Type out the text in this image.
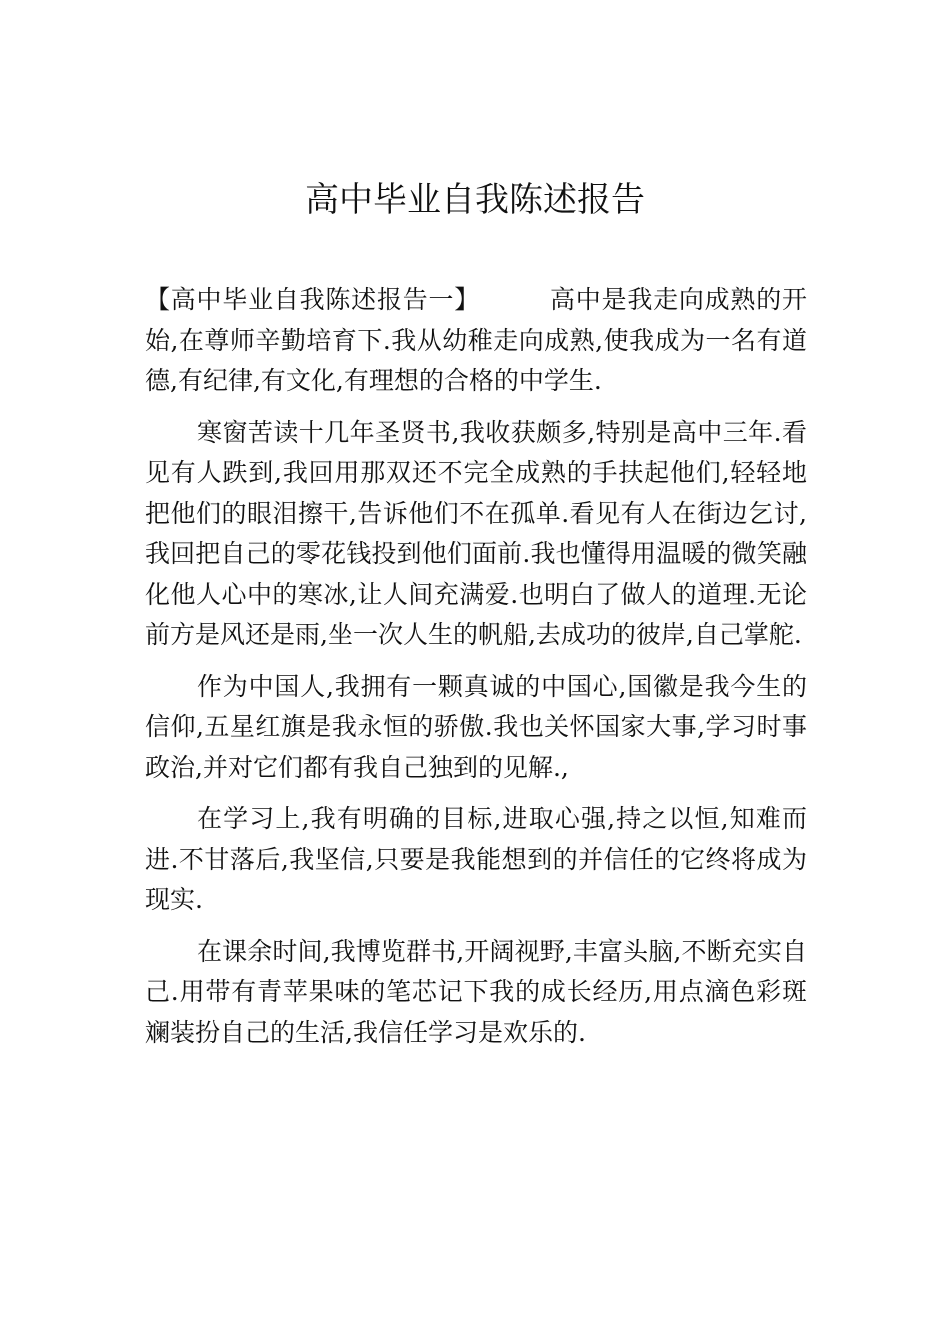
高中毕业自我陈述报告

【高中毕业自我陈述报告一】	高中是我走向成熟的开始,在尊师辛勤培育下.我从幼稚走向成熟,使我成为一名有道德,有纪律,有文化,有理想的合格的中学生.

寒窗苦读十几年圣贤书,我收获颇多,特别是高中三年.看见有人跌到,我回用那双还不完全成熟的手扶起他们,轻轻地把他们的眼泪擦干,告诉他们不在孤单.看见有人在街边乞讨,我回把自己的零花钱投到他们面前.我也懂得用温暖的微笑融化他人心中的寒冰,让人间充满爱.也明白了做人的道理.无论前方是风还是雨,坐一次人生的帆船,去成功的彼岸,自己掌舵.

作为中国人,我拥有一颗真诚的中国心,国徽是我今生的信仰,五星红旗是我永恒的骄傲.我也关怀国家大事,学习时事政治,并对它们都有我自己独到的见解.,

在学习上,我有明确的目标,进取心强,持之以恒,知难而进.不甘落后,我坚信,只要是我能想到的并信任的它终将成为现实.

在课余时间,我博览群书,开阔视野,丰富头脑,不断充实自己.用带有青苹果味的笔芯记下我的成长经历,用点滴色彩斑斓装扮自己的生活,我信任学习是欢乐的.
